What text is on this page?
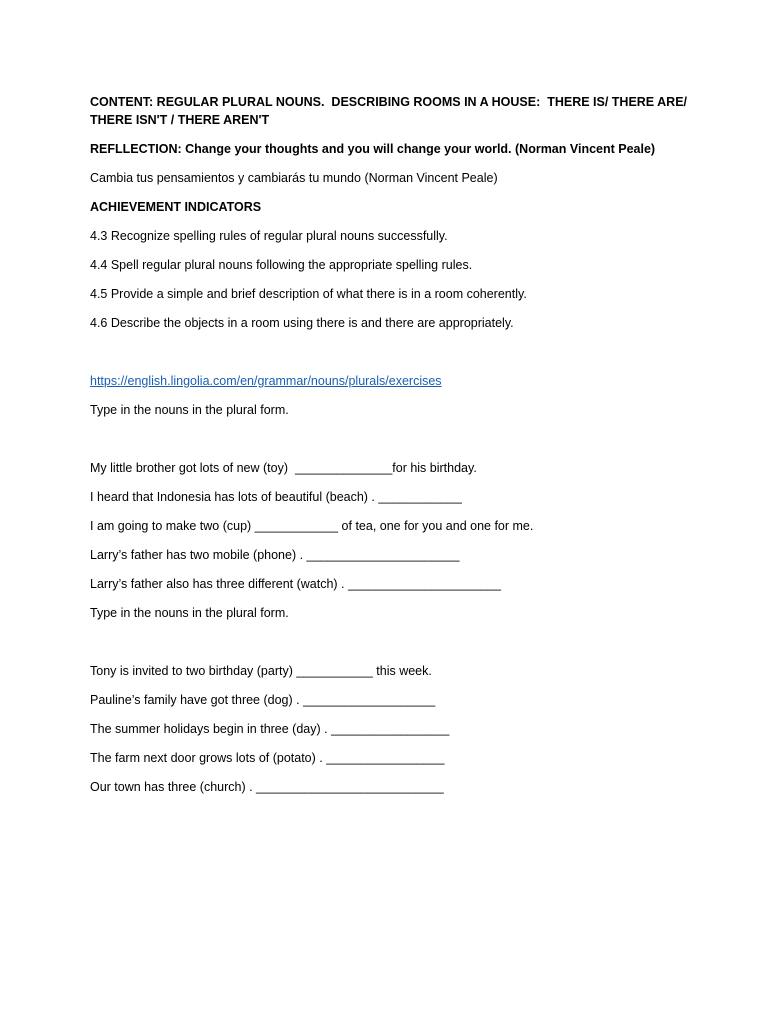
CONTENT: REGULAR PLURAL NOUNS.  DESCRIBING ROOMS IN A HOUSE:  THERE IS/ THERE ARE/ THERE ISN'T / THERE AREN'T

REFLLECTION: Change your thoughts and you will change your world. (Norman Vincent Peale)

Cambia tus pensamientos y cambiarás tu mundo (Norman Vincent Peale)

ACHIEVEMENT INDICATORS

4.3 Recognize spelling rules of regular plural nouns successfully.

4.4 Spell regular plural nouns following the appropriate spelling rules.

4.5 Provide a simple and brief description of what there is in a room coherently.

4.6 Describe the objects in a room using there is and there are appropriately.

https://english.lingolia.com/en/grammar/nouns/plurals/exercises

Type in the nouns in the plural form.

My little brother got lots of new (toy)  ______________for his birthday.

I heard that Indonesia has lots of beautiful (beach) . ____________

I am going to make two (cup) ____________ of tea, one for you and one for me.

Larry’s father has two mobile (phone) . ______________________

Larry’s father also has three different (watch) . ______________________

Type in the nouns in the plural form.

Tony is invited to two birthday (party) ___________ this week.

Pauline’s family have got three (dog) . ___________________

The summer holidays begin in three (day) . _________________

The farm next door grows lots of (potato) . _________________

Our town has three (church) . ___________________________
